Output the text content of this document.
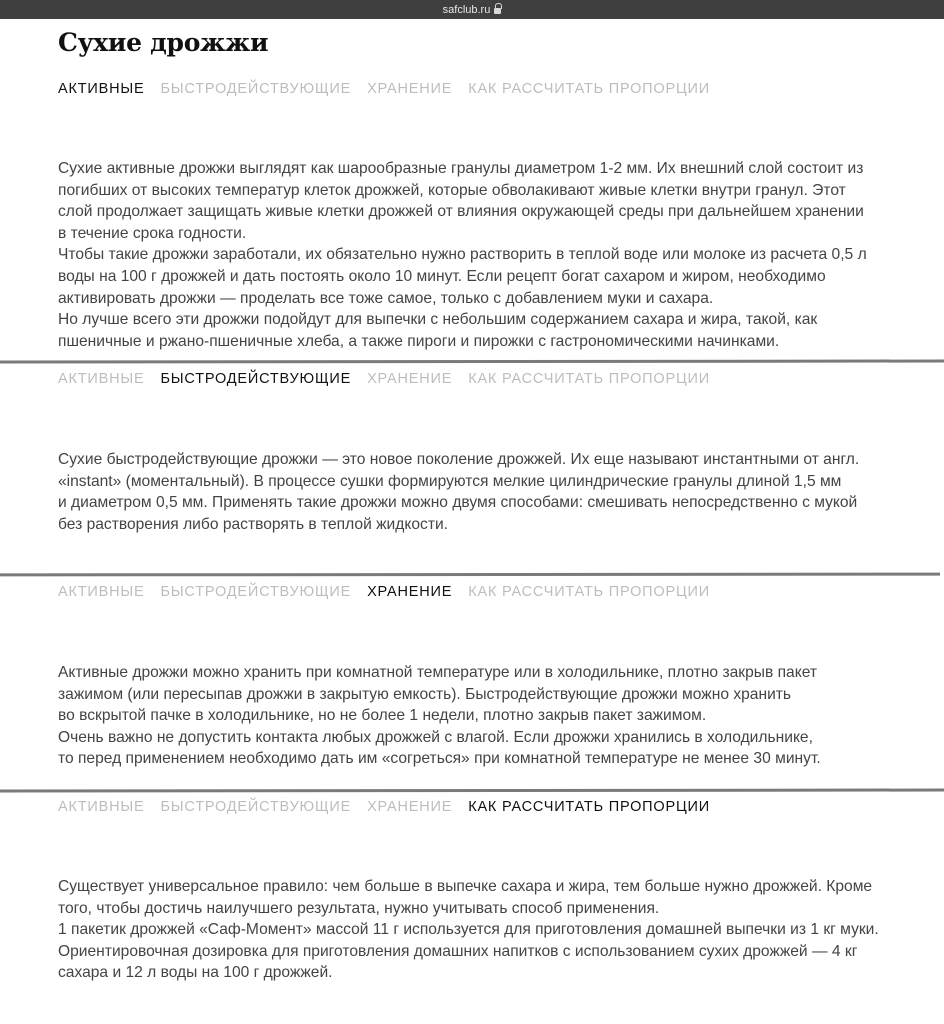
safclub.ru
Сухие дрожжи
АКТИВНЫЕ БЫСТРОДЕЙСТВУЮЩИЕ ХРАНЕНИЕ КАК РАССЧИТАТЬ ПРОПОРЦИИ

Сухие активные дрожжи выглядят как шарообразные гранулы диаметром 1-2 мм. Их внешний слой состоит из

погибших от высоких температур клеток дрожжей, которые обволакивают живые клетки внутри гранул. Этот

слой продолжает защищать живые клетки дрожжей от влияния окружающей среды при дальнейшем хранении

в течение срока годности.

Чтобы такие дрожжи заработали, их обязательно нужно растворить в теплой воде или молоке из расчета 0,5 л

воды на 100 г дрожжей и дать постоять около 10 минут. Если рецепт богат сахаром и жиром, необходимо

активировать дрожжи — проделать все тоже самое, только с добавлением муки и сахара.

Но лучше всего эти дрожжи подойдут для выпечки с небольшим содержанием сахара и жира, такой, как

пшеничные и ржано-пшеничные хлеба, а также пироги и пирожки с гастрономическими начинками.

АКТИВНЫЕ БЫСТРОДЕЙСТВУЮЩИЕ ХРАНЕНИЕ КАК РАССЧИТАТЬ ПРОПОРЦИИ

Сухие быстродействующие дрожжи — это новое поколение дрожжей. Их еще называют инстантными от англ.

«instant» (моментальный). В процессе сушки формируются мелкие цилиндрические гранулы длиной 1,5 мм

и диаметром 0,5 мм. Применять такие дрожжи можно двумя способами: смешивать непосредственно с мукой

без растворения либо растворять в теплой жидкости.

АКТИВНЫЕ БЫСТРОДЕЙСТВУЮЩИЕ ХРАНЕНИЕ КАК РАССЧИТАТЬ ПРОПОРЦИИ

Активные дрожжи можно хранить при комнатной температуре или в холодильнике, плотно закрыв пакет

зажимом (или пересыпав дрожжи в закрытую емкость). Быстродействующие дрожжи можно хранить

во вскрытой пачке в холодильнике, но не более 1 недели, плотно закрыв пакет зажимом.

Очень важно не допустить контакта любых дрожжей с влагой. Если дрожжи хранились в холодильнике,

то перед применением необходимо дать им «согреться» при комнатной температуре не менее 30 минут.

АКТИВНЫЕ БЫСТРОДЕЙСТВУЮЩИЕ ХРАНЕНИЕ КАК РАССЧИТАТЬ ПРОПОРЦИИ

Существует универсальное правило: чем больше в выпечке сахара и жира, тем больше нужно дрожжей. Кроме

того, чтобы достичь наилучшего результата, нужно учитывать способ применения.

1 пакетик дрожжей «Саф-Момент» массой 11 г используется для приготовления домашней выпечки из 1 кг муки.

Ориентировочная дозировка для приготовления домашних напитков с использованием сухих дрожжей — 4 кг

сахара и 12 л воды на 100 г дрожжей.
